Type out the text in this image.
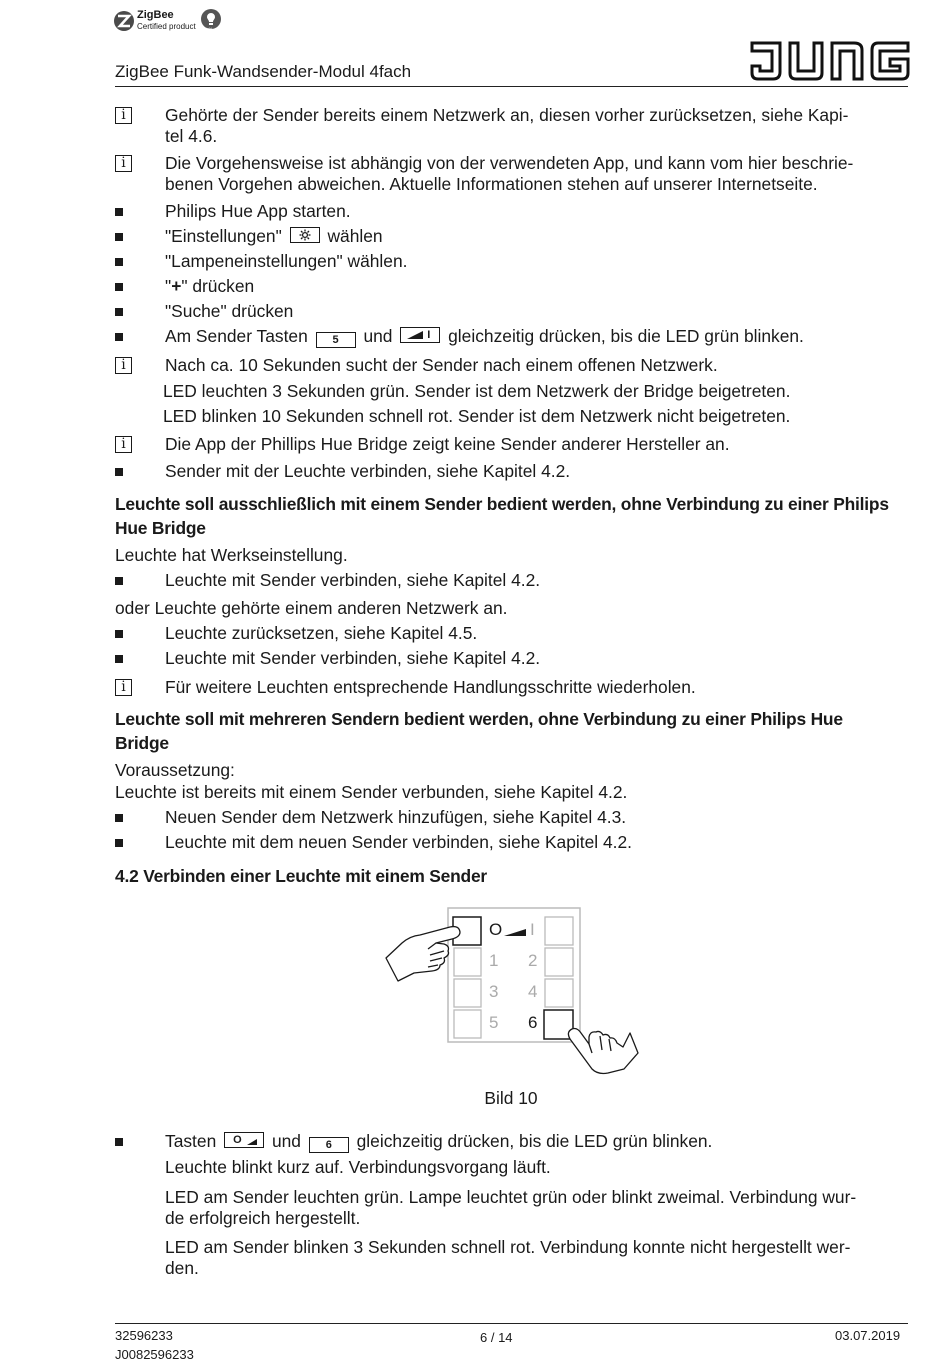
ZigBee
Certified product light
ZigBee Funk-Wandsender-Modul 4fach
i	Gehörte der Sender bereits einem Netzwerk an, diesen vorher zurücksetzen, siehe Kapi-
tel 4.6.
i	Die Vorgehensweise ist abhängig von der verwendeten App, und kann vom hier beschrie-
benen Vorgehen abweichen. Aktuelle Informationen stehen auf unserer Internetseite.
Philips Hue App starten.
"Einstellungen"	wählen
"Lampeneinstellungen" wählen.
"+" drücken
"Suche" drücken
Am Sender Tasten 5 und	I gleichzeitig drücken, bis die LED grün blinken.
i	Nach ca. 10 Sekunden sucht der Sender nach einem offenen Netzwerk.
LED leuchten 3 Sekunden grün. Sender ist dem Netzwerk der Bridge beigetreten.
LED blinken 10 Sekunden schnell rot. Sender ist dem Netzwerk nicht beigetreten.
i	Die App der Phillips Hue Bridge zeigt keine Sender anderer Hersteller an.
Sender mit der Leuchte verbinden, siehe Kapitel 4.2.
Leuchte soll ausschließlich mit einem Sender bedient werden, ohne Verbindung zu einer Philips
Hue Bridge
Leuchte hat Werkseinstellung.
Leuchte mit Sender verbinden, siehe Kapitel 4.2.
oder Leuchte gehörte einem anderen Netzwerk an.
Leuchte zurücksetzen, siehe Kapitel 4.5.
Leuchte mit Sender verbinden, siehe Kapitel 4.2.
i	Für weitere Leuchten entsprechende Handlungsschritte wiederholen.
Leuchte soll mit mehreren Sendern bedient werden, ohne Verbindung zu einer Philips Hue
Bridge
Voraussetzung:
Leuchte ist bereits mit einem Sender verbunden, siehe Kapitel 4.2.
Neuen Sender dem Netzwerk hinzufügen, siehe Kapitel 4.3.
Leuchte mit dem neuen Sender verbinden, siehe Kapitel 4.2.
4.2 Verbinden einer Leuchte mit einem Sender
O I
1 2
3 4
5 6
Bild 10
Tasten O und 6 gleichzeitig drücken, bis die LED grün blinken.
Leuchte blinkt kurz auf. Verbindungsvorgang läuft.
LED am Sender leuchten grün. Lampe leuchtet grün oder blinkt zweimal. Verbindung wur-
de erfolgreich hergestellt.
LED am Sender blinken 3 Sekunden schnell rot. Verbindung konnte nicht hergestellt wer-
den.
32596233
J0082596233
6 / 14	03.07.2019
